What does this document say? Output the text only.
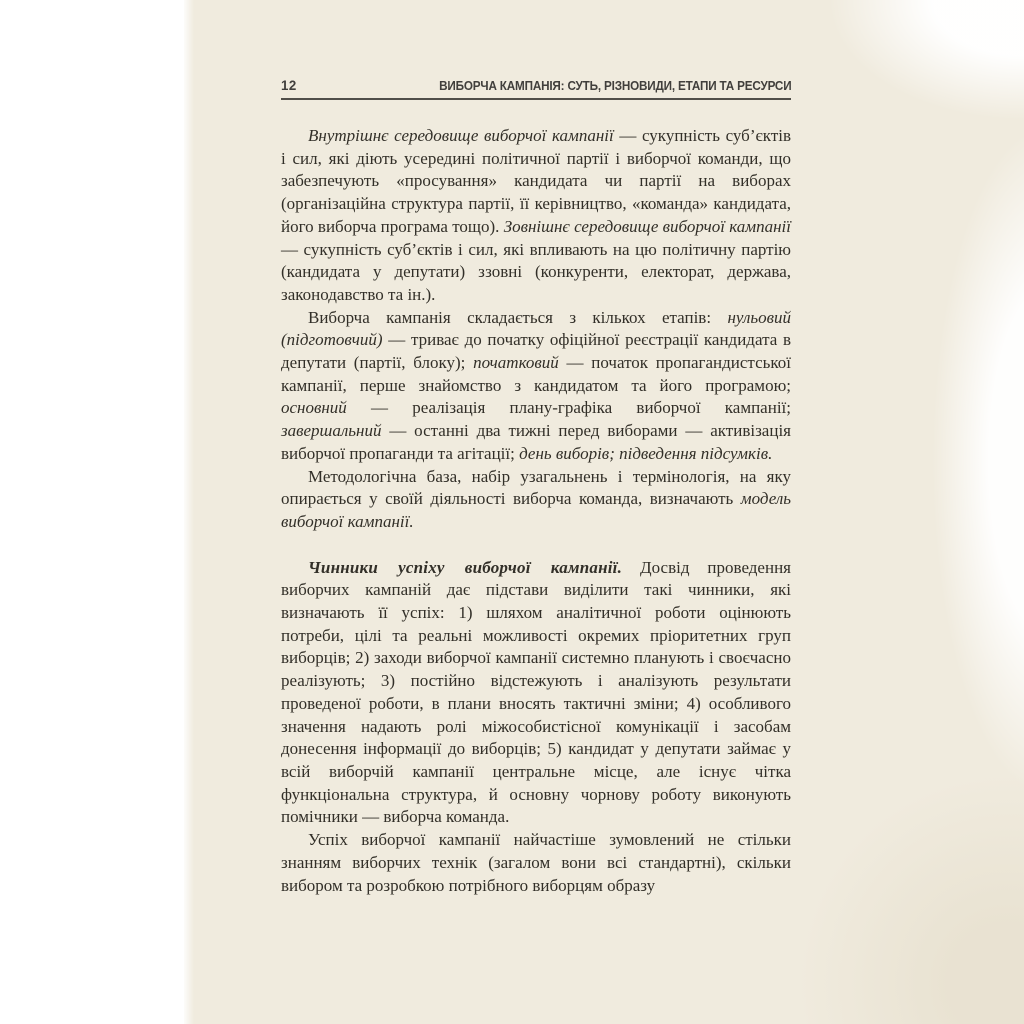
12	ВИБОРЧА КАМПАНІЯ: СУТЬ, РІЗНОВИДИ, ЕТАПИ ТА РЕСУРСИ

Внутрішнє середовище виборчої кампанії — сукупність суб’єктів і сил, які діють усередині політичної партії і виборчої команди, що забезпечують «просування» кандидата чи партії на виборах (організаційна структура партії, її керівництво, «команда» кандидата, його виборча програма тощо). Зовнішнє середовище виборчої кампанії — сукупність суб’єктів і сил, які впливають на цю політичну партію (кандидата у депутати) ззовні (конкуренти, електорат, держава, законодавство та ін.).

Виборча кампанія складається з кількох етапів: нульовий (підготовчий) — триває до початку офіційної реєстрації кандидата в депутати (партії, блоку); початковий — початок пропагандистської кампанії, перше знайомство з кандидатом та його програмою; основний — реалізація плану-графіка виборчої кампанії; завершальний — останні два тижні перед виборами — активізація виборчої пропаганди та агітації; день виборів; підведення підсумків.

Методологічна база, набір узагальнень і термінологія, на яку опирається у своїй діяльності виборча команда, визначають модель виборчої кампанії.

Чинники успіху виборчої кампанії. Досвід проведення виборчих кампаній дає підстави виділити такі чинники, які визначають її успіх: 1) шляхом аналітичної роботи оцінюють потреби, цілі та реальні можливості окремих пріоритетних груп виборців; 2) заходи виборчої кампанії системно планують і своєчасно реалізують; 3) постійно відстежують і аналізують результати проведеної роботи, в плани вносять тактичні зміни; 4) особливого значення надають ролі міжособистісної комунікації і засобам донесення інформації до виборців; 5) кандидат у депутати займає у всій виборчій кампанії центральне місце, але існує чітка функціональна структура, й основну чорнову роботу виконують помічники — виборча команда.

Успіх виборчої кампанії найчастіше зумовлений не стільки знанням виборчих технік (загалом вони всі стандартні), скільки вибором та розробкою потрібного виборцям образу
